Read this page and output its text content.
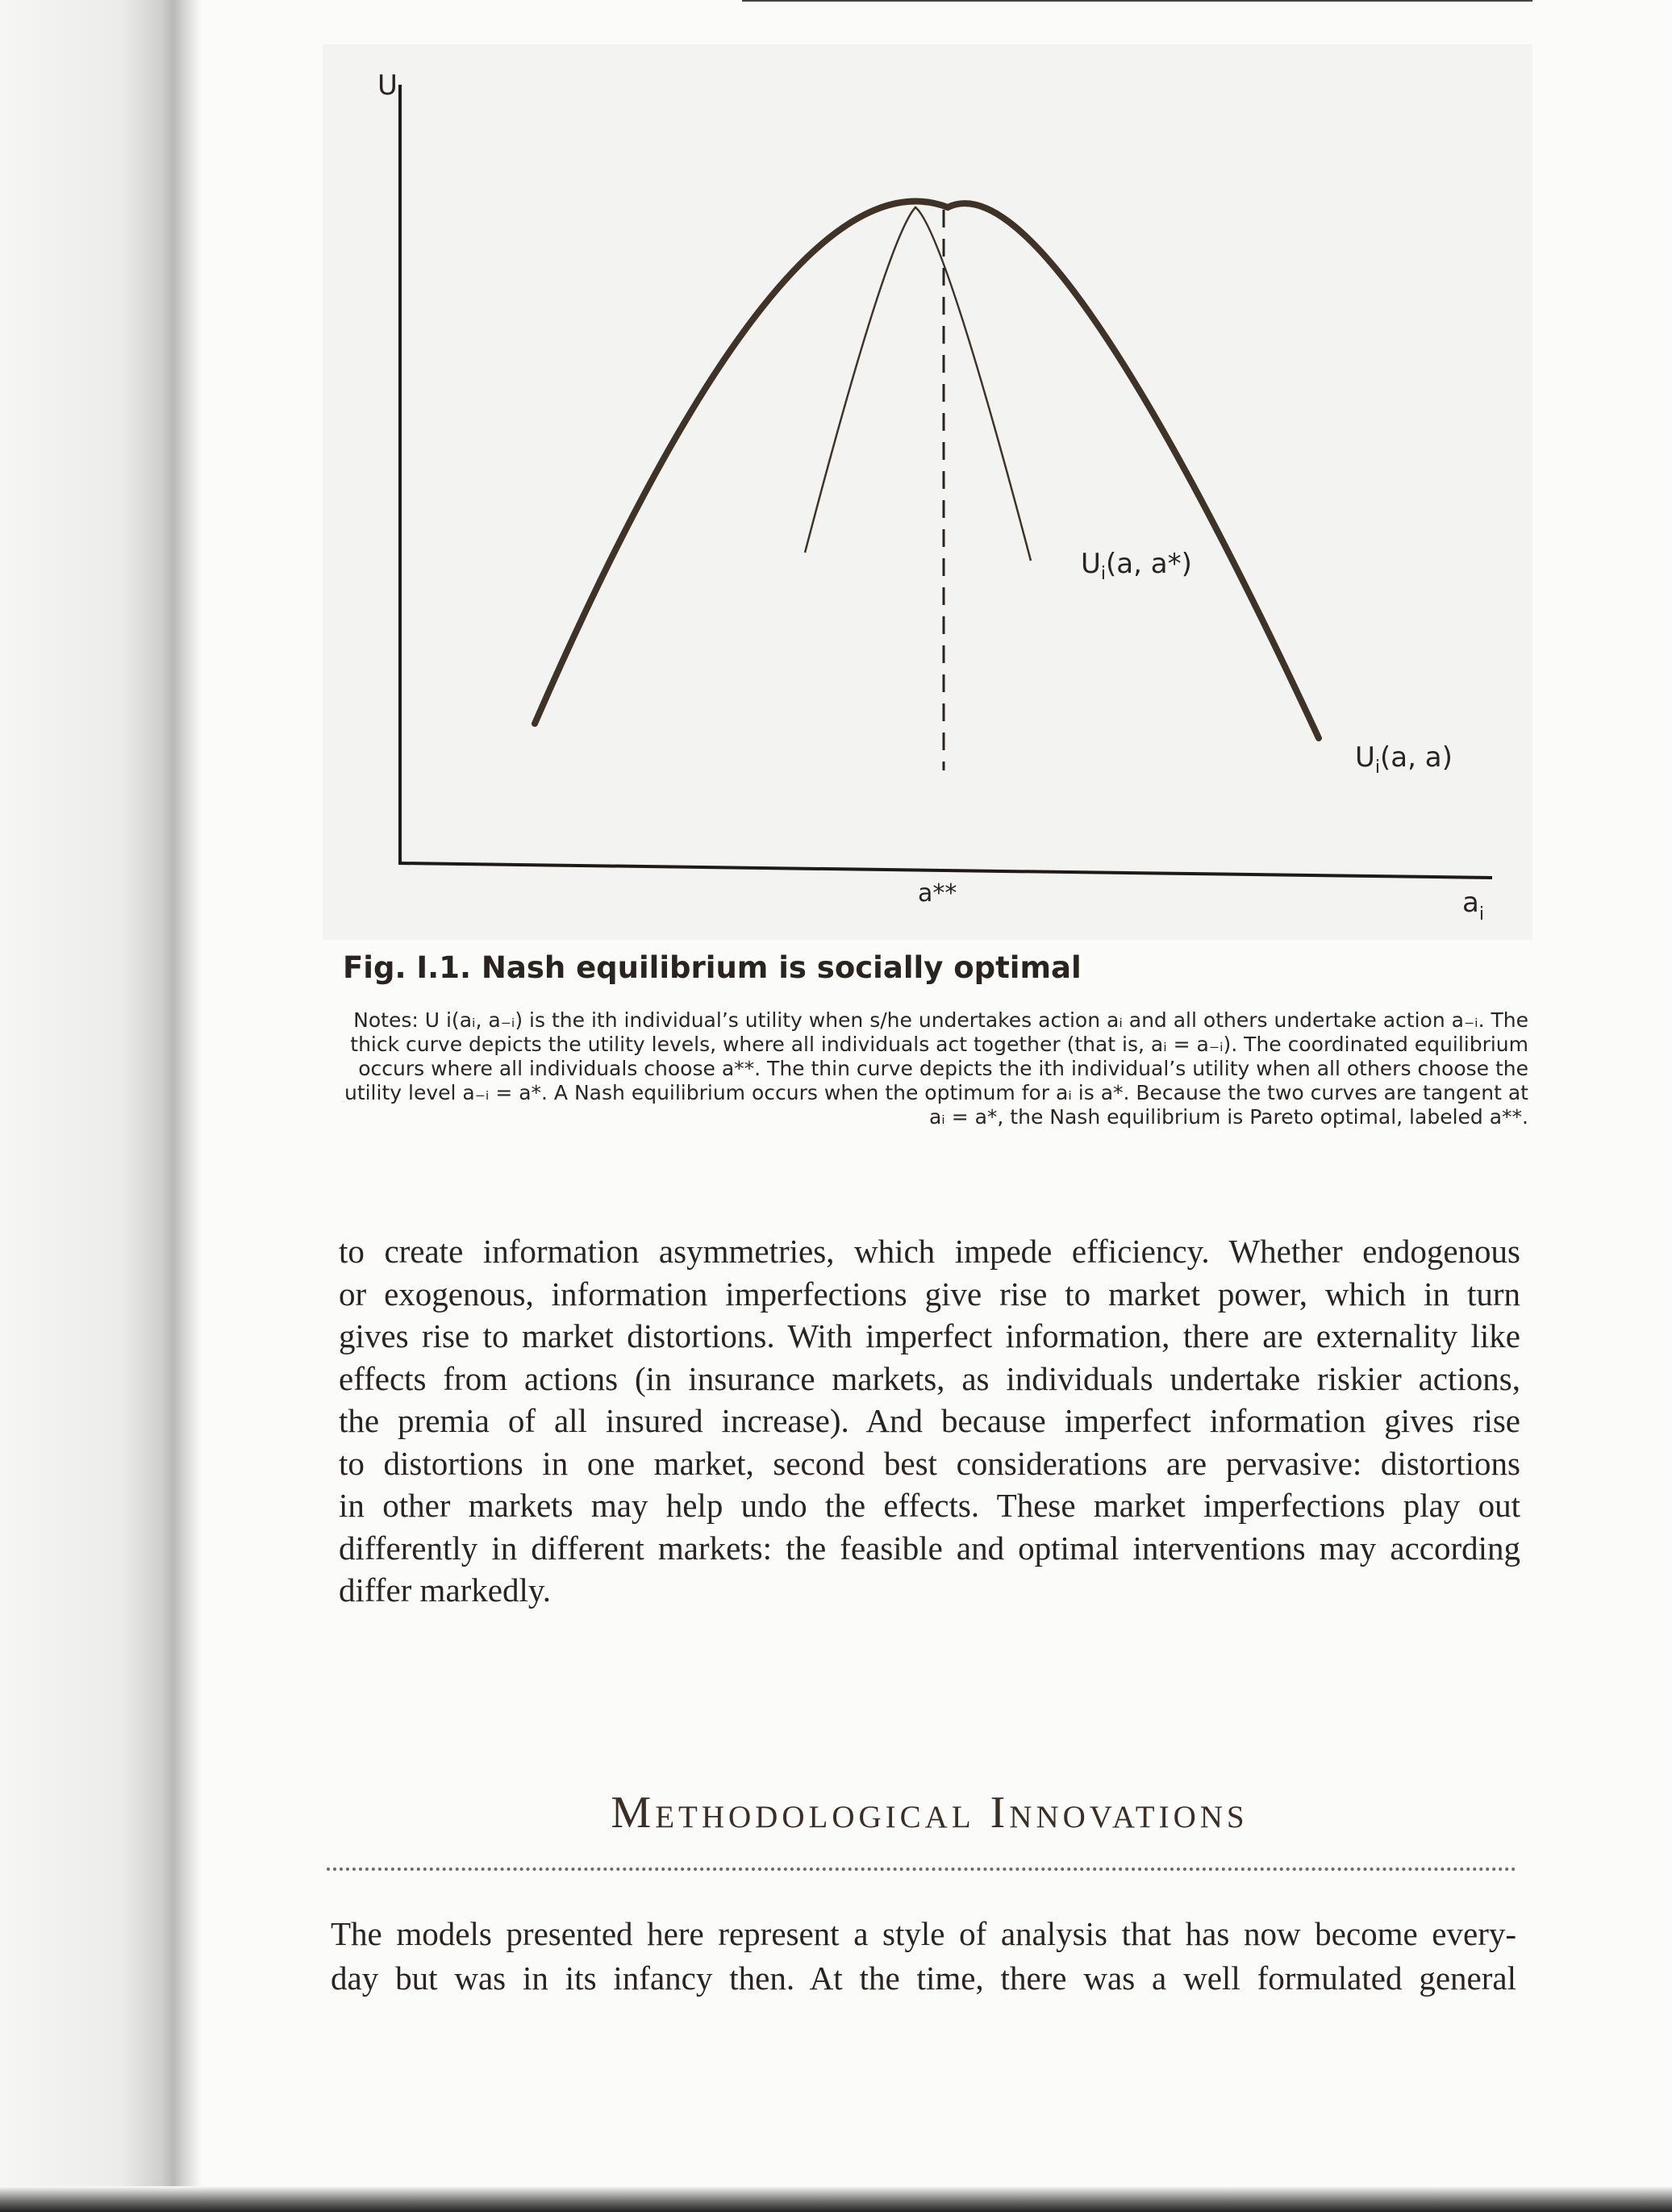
U
$a_i$
a**
$U_i(a$, a*)
$U_i(a$, a)
Fig. I.1. Nash equilibrium is socially optimal
Notes: U i(aᵢ, a₋ᵢ) is the ith individual’s utility when s/he undertakes action aᵢ and all others undertake action a₋ᵢ. The
thick curve depicts the utility levels, where all individuals act together (that is, aᵢ = a₋ᵢ). The coordinated equilibrium
occurs where all individuals choose a**. The thin curve depicts the ith individual’s utility when all others choose the
utility level a₋ᵢ = a*. A Nash equilibrium occurs when the optimum for aᵢ is a*. Because the two curves are tangent at
aᵢ = a*, the Nash equilibrium is Pareto optimal, labeled a**.
to create information asymmetries, which impede efficiency. Whether endogenous
or exogenous, information imperfections give rise to market power, which in turn
gives rise to market distortions. With imperfect information, there are externality like
effects from actions (in insurance markets, as individuals undertake riskier actions,
the premia of all insured increase). And because imperfect information gives rise
to distortions in one market, second best considerations are pervasive: distortions
in other markets may help undo the effects. These market imperfections play out
differently in different markets: the feasible and optimal interventions may according
differ markedly.
Methodological Innovations
The models presented here represent a style of analysis that has now become every-
day but was in its infancy then. At the time, there was a well formulated general
